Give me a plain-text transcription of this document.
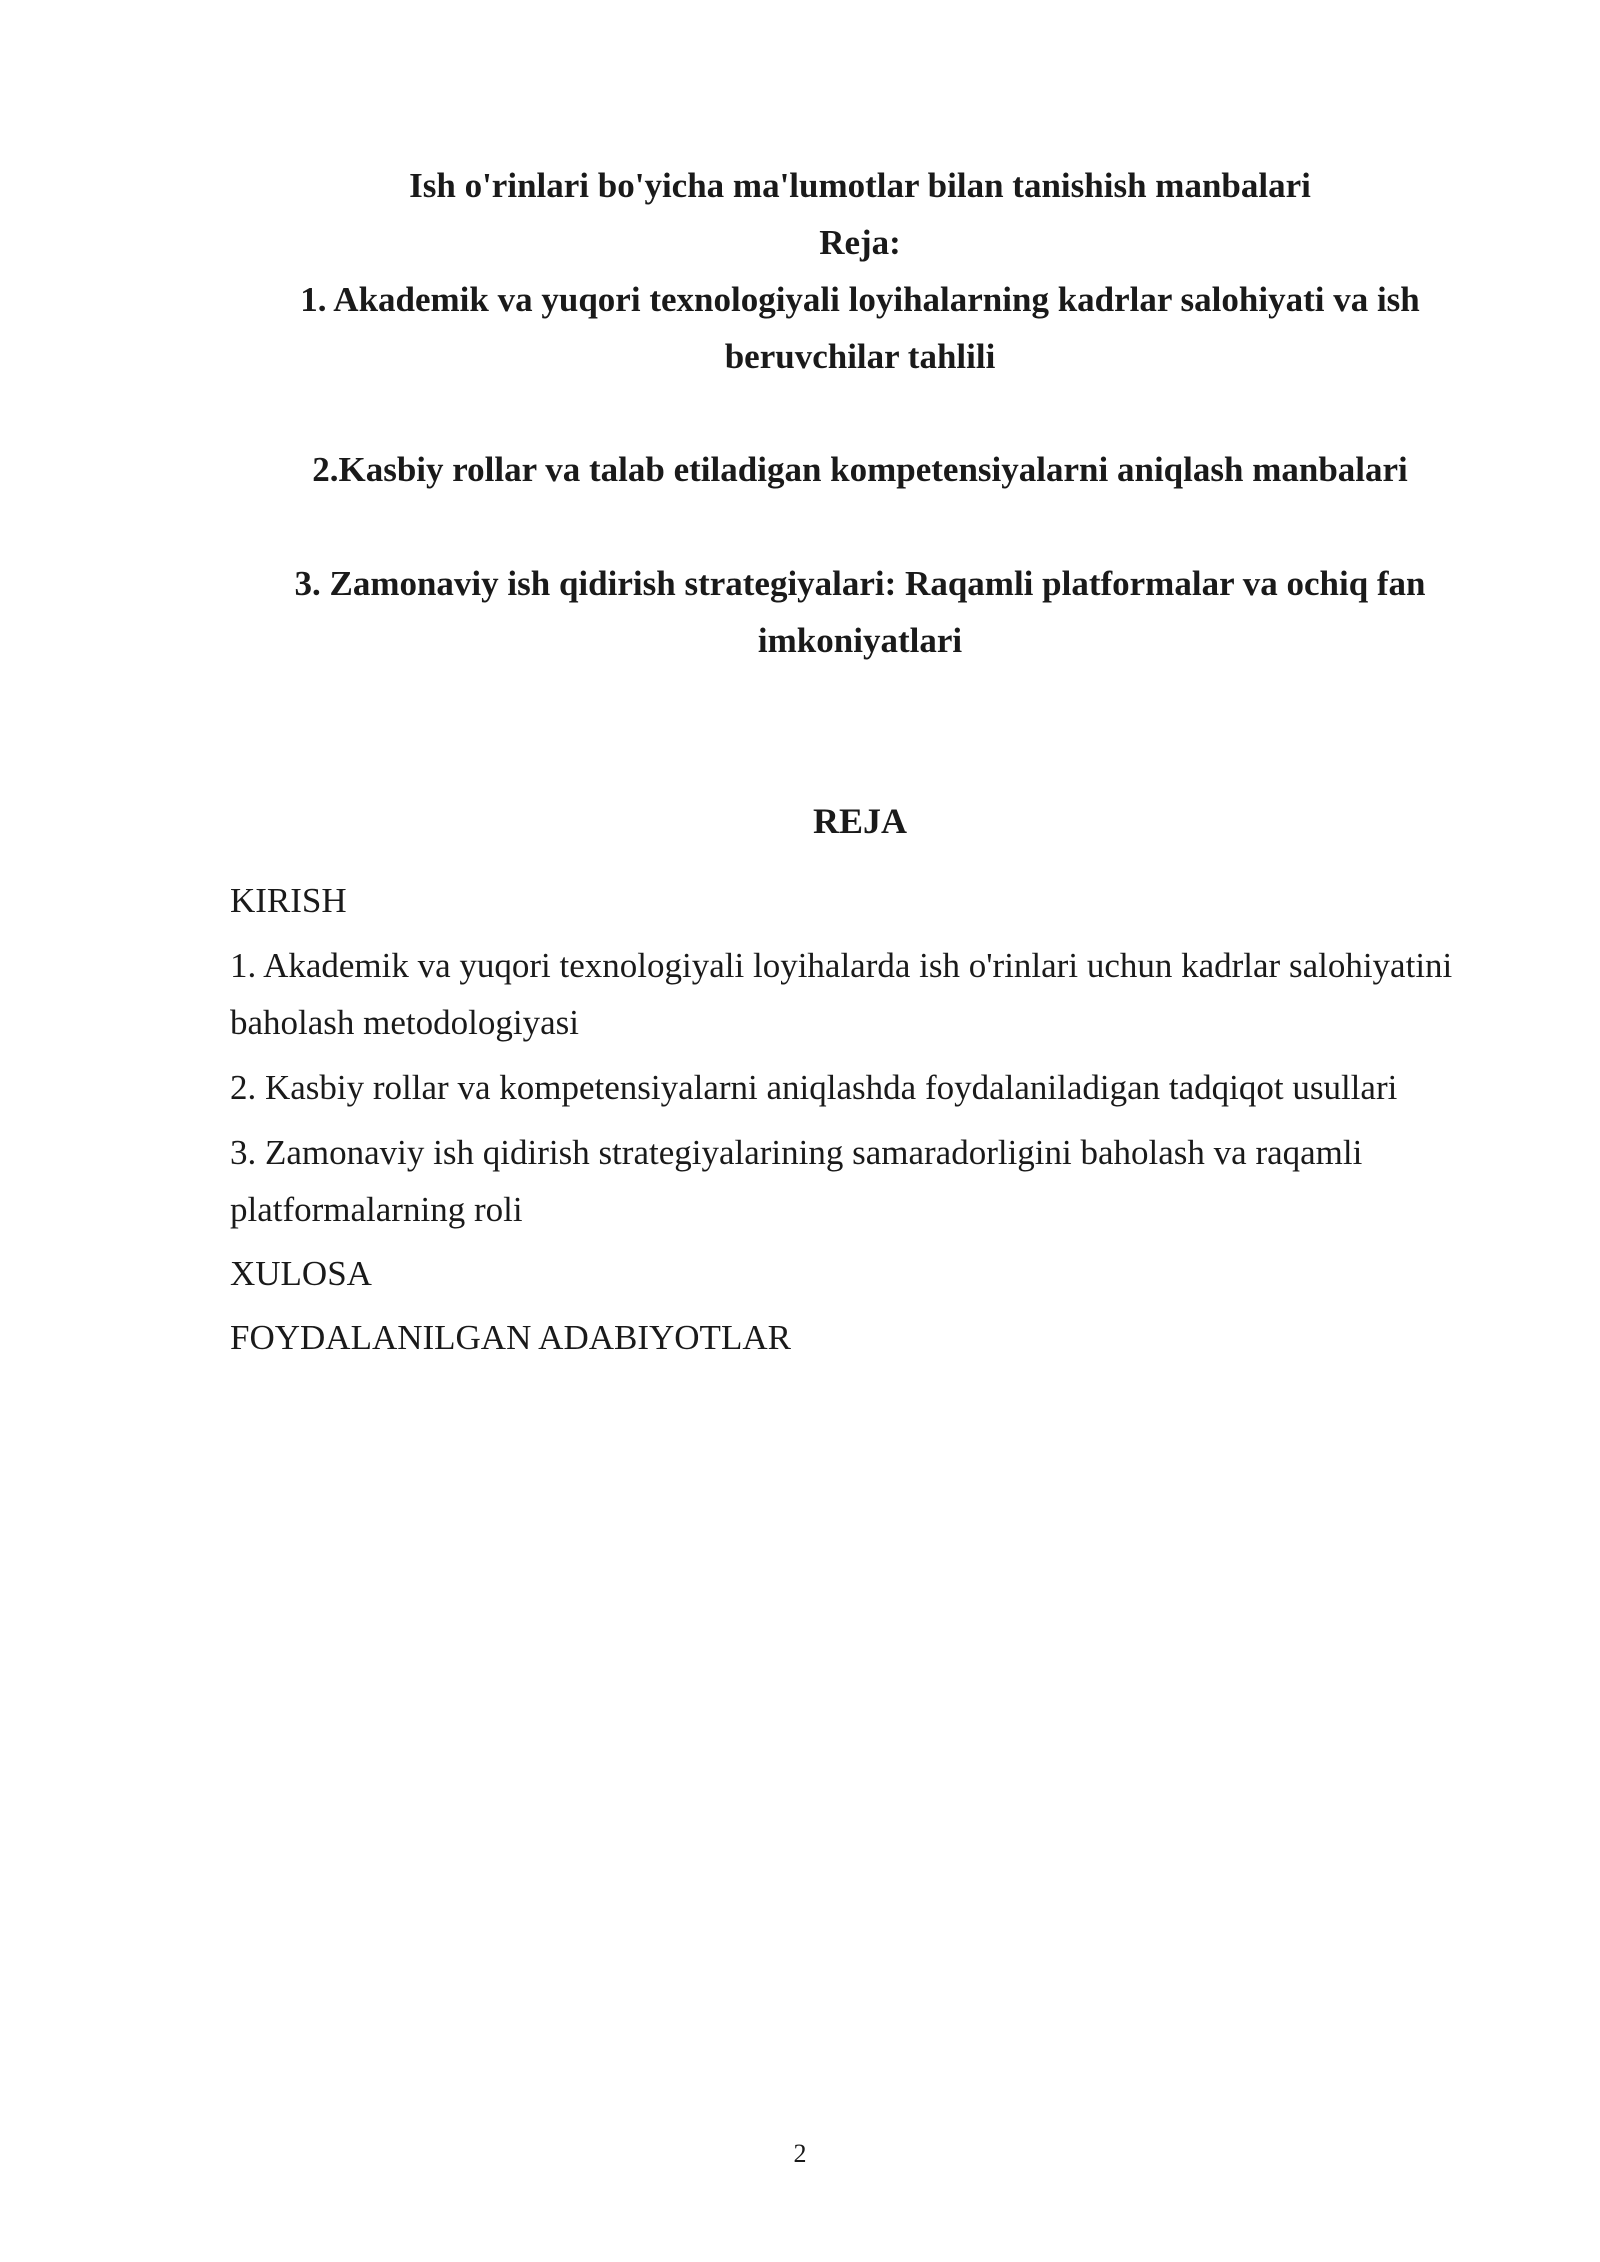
Ish o'rinlari bo'yicha ma'lumotlar bilan tanishish manbalari
Reja:
1. Akademik va yuqori texnologiyali loyihalarning kadrlar salohiyati va ish beruvchilar tahlili
2.Kasbiy rollar va talab etiladigan kompetensiyalarni aniqlash manbalari
3. Zamonaviy ish qidirish strategiyalari: Raqamli platformalar va ochiq fan imkoniyatlari
REJA
KIRISH
1. Akademik va yuqori texnologiyali loyihalarda ish o'rinlari uchun kadrlar salohiyatini baholash metodologiyasi
2. Kasbiy rollar va kompetensiyalarni aniqlashda foydalaniladigan tadqiqot usullari
3. Zamonaviy ish qidirish strategiyalarining samaradorligini baholash va raqamli platformalarning roli
XULOSA
FOYDALANILGAN ADABIYOTLAR
2
